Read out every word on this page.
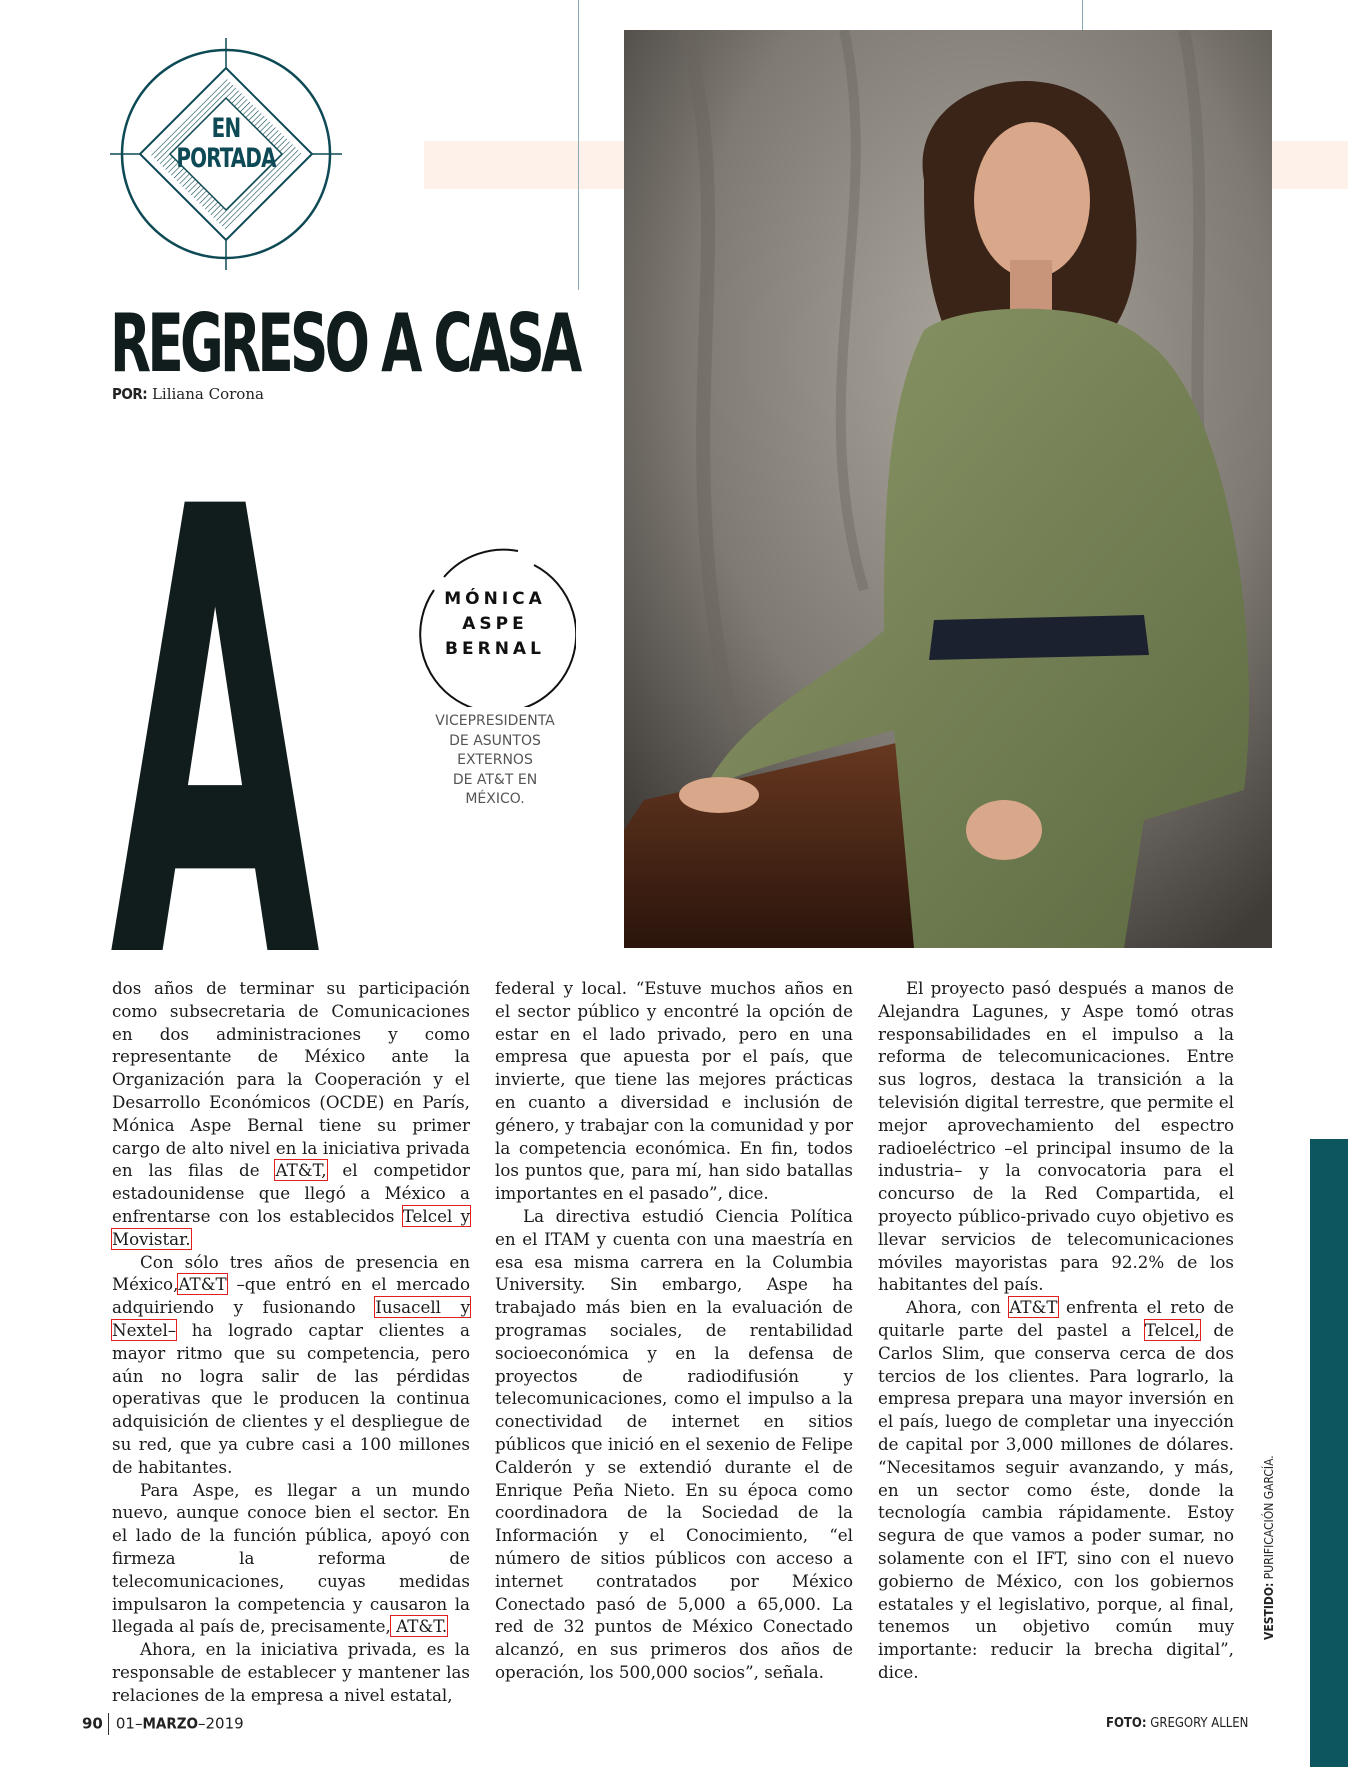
EN
PORTADA
REGRESO A CASA
POR: Liliana Corona
A	MÓNICA
ASPE
BERNAL
VICEPRESIDENTA
DE ASUNTOS
EXTERNOS
DE AT&T EN
MÉXICO.

dos años de terminar su participación como subsecretaria de Comunicaciones en dos administraciones y como representante de México ante la Organización para la Cooperación y el Desarrollo Económicos (OCDE) en París, Mónica Aspe Bernal tiene su primer cargo de alto nivel en la iniciativa privada en las filas de AT&T, el competidor estadounidense que llegó a México a enfrentarse con los establecidos Telcel y Movistar.

Con sólo tres años de presencia en México,AT&T –que entró en el mercado adquiriendo y fusionando Iusacell y Nextel– ha logrado captar clientes a mayor ritmo que su competencia, pero aún no logra salir de las pérdidas operativas que le producen la continua adquisición de clientes y el despliegue de su red, que ya cubre casi a 100 millones de habitantes.

Para Aspe, es llegar a un mundo nuevo, aunque conoce bien el sector. En el lado de la función pública, apoyó con firmeza la reforma de telecomunicaciones, cuyas medidas impulsaron la competencia y causaron la llegada al país de, precisamente, AT&T.

Ahora, en la iniciativa privada, es la responsable de establecer y mantener las relaciones de la empresa a nivel estatal,

federal y local. “Estuve muchos años en el sector público y encontré la opción de estar en el lado privado, pero en una empresa que apuesta por el país, que invierte, que tiene las mejores prácticas en cuanto a diversidad e inclusión de género, y trabajar con la comunidad y por la competencia económica. En fin, todos los puntos que, para mí, han sido batallas importantes en el pasado”, dice.

La directiva estudió Ciencia Política en el ITAM y cuenta con una maestría en esa esa misma carrera en la Columbia University. Sin embargo, Aspe ha trabajado más bien en la evaluación de programas sociales, de rentabilidad socioeconómica y en la defensa de proyectos de radiodifusión y telecomunicaciones, como el impulso a la conectividad de internet en sitios públicos que inició en el sexenio de Felipe Calderón y se extendió durante el de Enrique Peña Nieto. En su época como coordinadora de la Sociedad de la Información y el Conocimiento, “el número de sitios públicos con acceso a internet contratados por México Conectado pasó de 5,000 a 65,000. La red de 32 puntos de México Conectado alcanzó, en sus primeros dos años de operación, los 500,000 socios”, señala.

El proyecto pasó después a manos de Alejandra Lagunes, y Aspe tomó otras responsabilidades en el impulso a la reforma de telecomunicaciones. Entre sus logros, destaca la transición a la televisión digital terrestre, que permite el mejor aprovechamiento del espectro radioeléctrico –el principal insumo de la industria– y la convocatoria para el concurso de la Red Compartida, el proyecto público-privado cuyo objetivo es llevar servicios de telecomunicaciones móviles mayoristas para 92.2% de los habitantes del país.

Ahora, con AT&T enfrenta el reto de quitarle parte del pastel a Telcel, de Carlos Slim, que conserva cerca de dos tercios de los clientes. Para lograrlo, la empresa prepara una mayor inversión en el país, luego de completar una inyección de capital por 3,000 millones de dólares. “Necesitamos seguir avanzando, y más, en un sector como éste, donde la tecnología cambia rápidamente. Estoy segura de que vamos a poder sumar, no solamente con el IFT, sino con el nuevo gobierno de México, con los gobiernos estatales y el legislativo, porque, al final, tenemos un objetivo común muy importante: reducir la brecha digital”, dice.

VESTIDO: PURIFICACIÓN GARCÍA.
90 01–MARZO–2019	FOTO: GREGORY ALLEN
